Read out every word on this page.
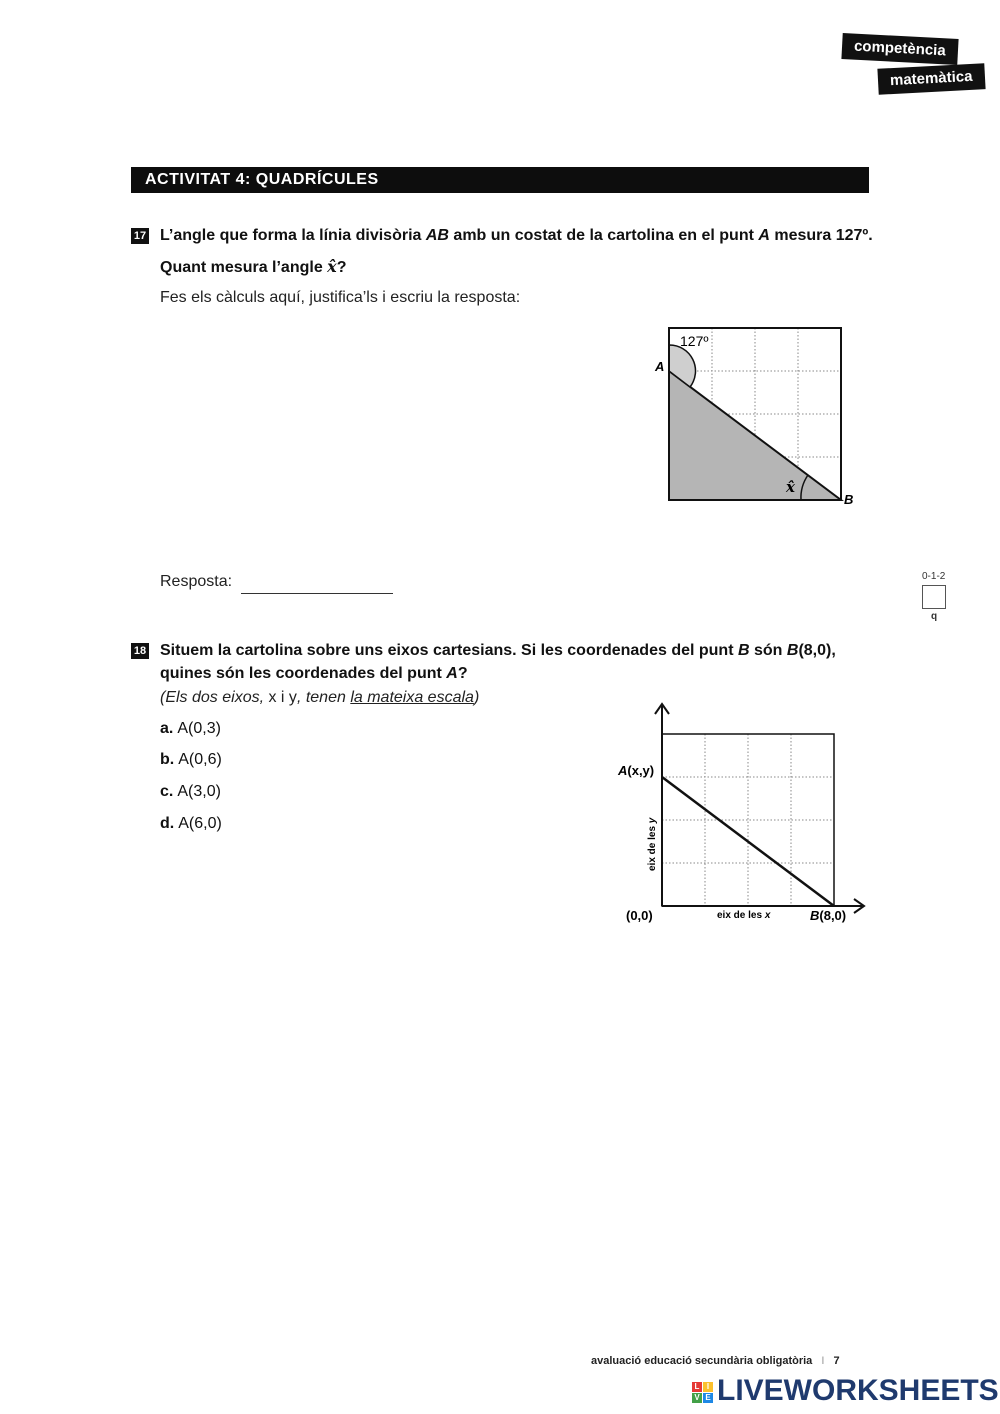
competència
matemàtica
ACTIVITAT 4: QUADRÍCULES
17 L’angle que forma la línia divisòria AB amb un costat de la cartolina en el punt A mesura 127º.
Quant mesura l’angle x̂?
Fes els càlculs aquí, justifica’ls i escriu la resposta:
127º
A
B
x̂
Resposta:	0-1-2
q
18 Situem la cartolina sobre uns eixos cartesians. Si les coordenades del punt B són B(8,0),
quines són les coordenades del punt A?
(Els dos eixos, x i y, tenen la mateixa escala)
a. A(0,3)
b. A(0,6)
c. A(3,0)
d. A(6,0)
A(x,y)
(0,0)	B(8,0)
eix de les x
eix de les y
avaluació educació secundària obligatòria I 7
L I
V E LIVEWORKSHEETS
